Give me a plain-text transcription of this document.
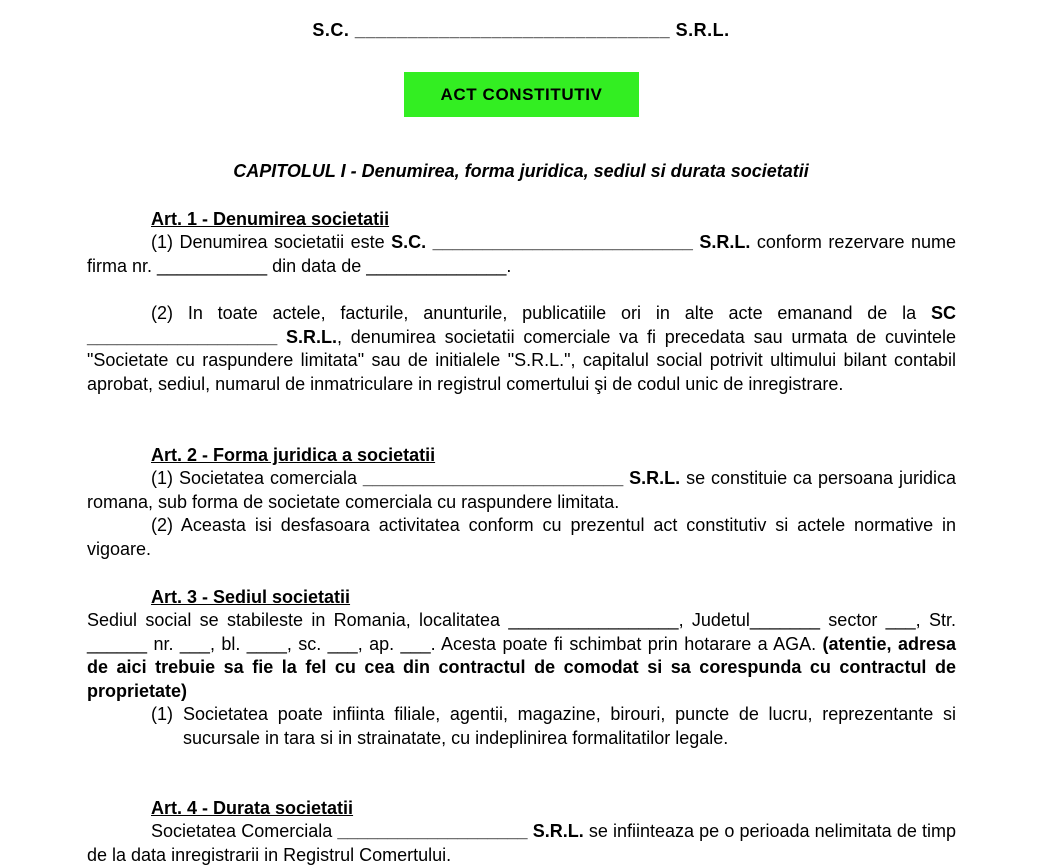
S.C. ______________________________ S.R.L.
ACT CONSTITUTIV
CAPITOLUL I - Denumirea, forma juridica, sediul si durata societatii
Art. 1 - Denumirea societatii
(1) Denumirea societatii este S.C. __________________________ S.R.L. conform rezervare nume firma nr. ___________ din data de ______________.
(2) In toate actele, facturile, anunturile, publicatiile ori in alte acte emanand de la SC ___________________ S.R.L., denumirea societatii comerciale va fi precedata sau urmata de cuvintele "Societate cu raspundere limitata" sau de initialele "S.R.L.", capitalul social potrivit ultimului bilant contabil aprobat, sediul, numarul de inmatriculare in registrul comertului şi de codul unic de inregistrare.
Art. 2 - Forma juridica a societatii
(1) Societatea comerciala __________________________ S.R.L. se constituie ca persoana juridica romana, sub forma de societate comerciala cu raspundere limitata.
(2) Aceasta isi desfasoara activitatea conform cu prezentul act constitutiv si actele normative in vigoare.
Art. 3 - Sediul societatii
Sediul social se stabileste in Romania, localitatea _________________, Judetul_______ sector ___, Str. ______ nr. ___, bl. ____, sc. ___, ap. ___. Acesta poate fi schimbat prin hotarare a AGA. (atentie, adresa de aici trebuie sa fie la fel cu cea din contractul de comodat si sa corespunda cu contractul de proprietate)
(1) Societatea poate infiinta filiale, agentii, magazine, birouri, puncte de lucru, reprezentante si sucursale in tara si in strainatate, cu indeplinirea formalitatilor legale.
Art. 4 - Durata societatii
Societatea Comerciala ___________________ S.R.L. se infiinteaza pe o perioada nelimitata de timp de la data inregistrarii in Registrul Comertului.
